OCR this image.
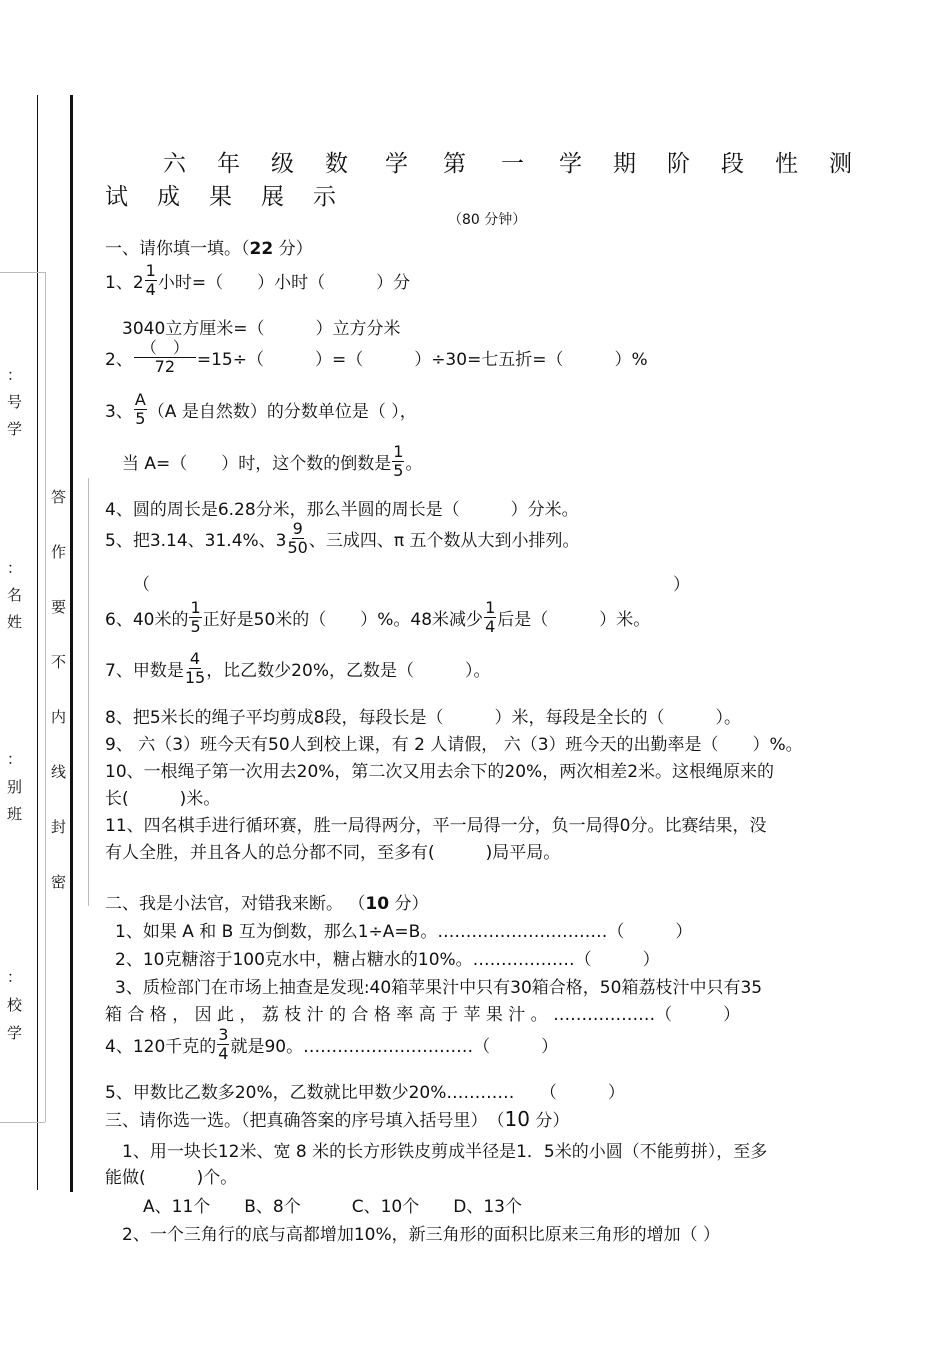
：
号
学
：
名
姓
：
别
班
：
校
学
答
作
要
不
内
线
封
密
六 年 级 数 学 第 一 学 期 阶 段 性 测
试 成 果 展 示
（80 分钟）
一、请你填一填。（22 分）
1、$2 \frac{1}{4}$ 小时=（　　）小时（　　　）分
3040立方厘米=（　　　）立方分米
2、 $\frac{( )}{72} =15\div$（　　　）=（　　　）÷30=七五折=（　　　）%
3、 $\frac{A}{5} (A$ 是自然数）的分数单位是（ ），
当 A=（　　）时，这个数的倒数是 $\frac{1}{5}$ 。
4、圆的周长是6.28分米，那么半圆的周长是（　　　）分米。
5、把3.14、31.4%、$3 \frac{9}{50}$ 、三成四、π 五个数从大到小排列。
（	）
6、40米的 $\frac{1}{5}$ 正好是50米的（　　）%。48米减少 $\frac{1}{4}$ 后是（　　　）米。
7、甲数是 $\frac{4}{15}$ ，比乙数少20%，乙数是（　　　）。
8、把5米长的绳子平均剪成8段，每段长是（　　　）米，每段是全长的（　　　）。
9、 六（3）班今天有50人到校上课，有 2 人请假， 六（3）班今天的出勤率是（　　）%。
10、一根绳子第一次用去20%，第二次又用去余下的20%，两次相差2米。这根绳原来的
长(　　　)米。
11、四名棋手进行循环赛，胜一局得两分，平一局得一分，负一局得0分。比赛结果，没
有人全胜，并且各人的总分都不同，至多有(　　　)局平局。
二、我是小法官，对错我来断。 （10 分）
1、如果 A 和 B 互为倒数，那么1÷A=B。…………………………（　　　）
2、10克糖溶于100克水中，糖占糖水的10%。………………（　　　）
3、质检部门在市场上抽查是发现:40箱苹果汁中只有30箱合格，50箱荔枝汁中只有35
箱 合 格 ， 因 此 ， 荔 枝 汁 的 合 格 率 高 于 苹 果 汁 。 ………………（　　　）
4、120千克的 $\frac{3}{4}$ 就是90。…………………………（　　　）
5、甲数比乙数多20%，乙数就比甲数少20%…………　　（　　　）
三、请你选一选。（把真确答案的序号填入括号里）　（10 分）
1、用一块长12米、宽 8 米的长方形铁皮剪成半径是1．5米的小圆（不能剪拼），至多
能做(　　　)个。
A、11个　　B、8个　　　C、10个　　D、13个
2、一个三角行的底与高都增加10%，新三角形的面积比原来三角形的增加（ ）
